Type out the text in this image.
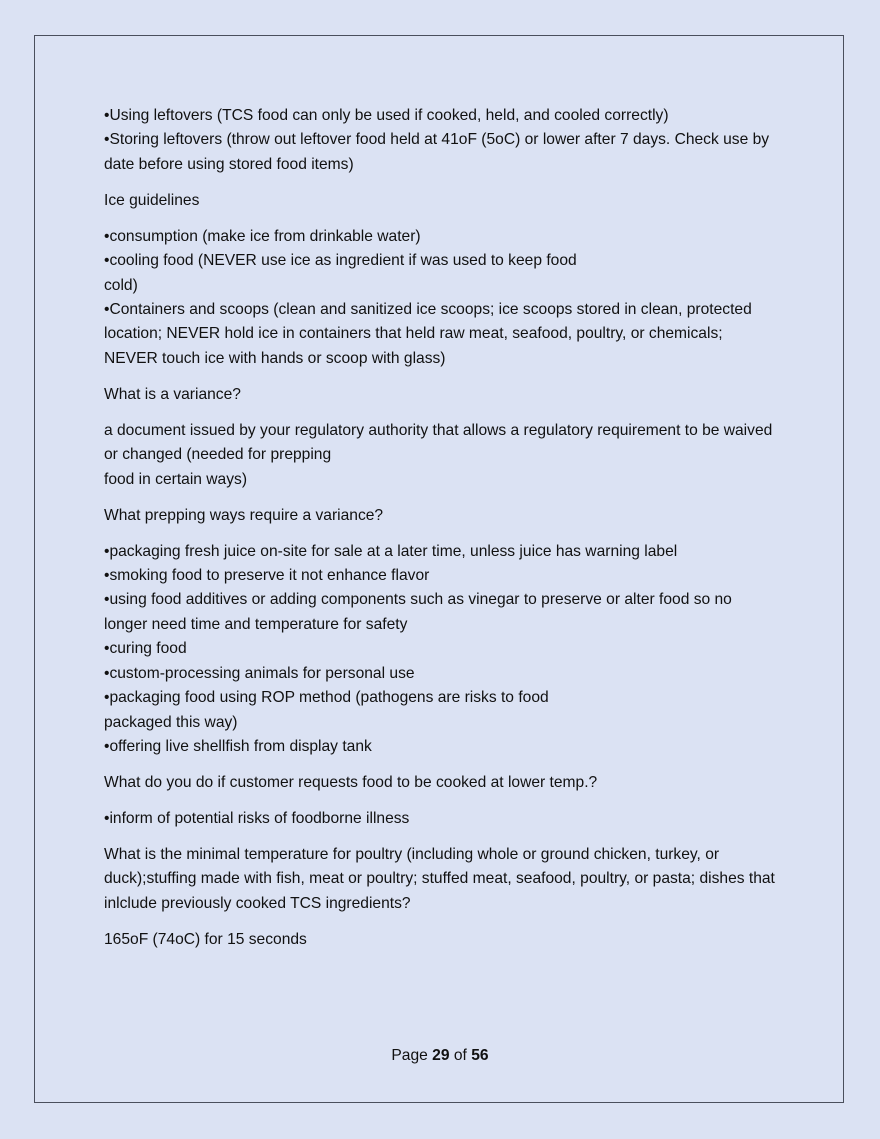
•Using leftovers (TCS food can only be used if cooked, held, and cooled correctly)
•Storing leftovers (throw out leftover food held at 41oF (5oC) or lower after 7 days. Check use by date before using stored food items)

Ice guidelines

•consumption (make ice from drinkable water)
•cooling food (NEVER use ice as ingredient if was used to keep food
cold)
•Containers and scoops (clean and sanitized ice scoops; ice scoops stored in clean, protected location; NEVER hold ice in containers that held raw meat, seafood, poultry, or chemicals; NEVER touch ice with hands or scoop with glass)

What is a variance?

a document issued by your regulatory authority that allows a regulatory requirement to be waived or changed (needed for prepping
food in certain ways)

What prepping ways require a variance?

•packaging fresh juice on-site for sale at a later time, unless juice has warning label
•smoking food to preserve it not enhance flavor
•using food additives or adding components such as vinegar to preserve or alter food so no longer need time and temperature for safety
•curing food
•custom-processing animals for personal use
•packaging food using ROP method (pathogens are risks to food
packaged this way)
•offering live shellfish from display tank

What do you do if customer requests food to be cooked at lower temp.?

•inform of potential risks of foodborne illness

What is the minimal temperature for poultry (including whole or ground chicken, turkey, or duck);stuffing made with fish, meat or poultry; stuffed meat, seafood, poultry, or pasta; dishes that inlclude previously cooked TCS ingredients?

165oF (74oC) for 15 seconds

Page 29 of 56
